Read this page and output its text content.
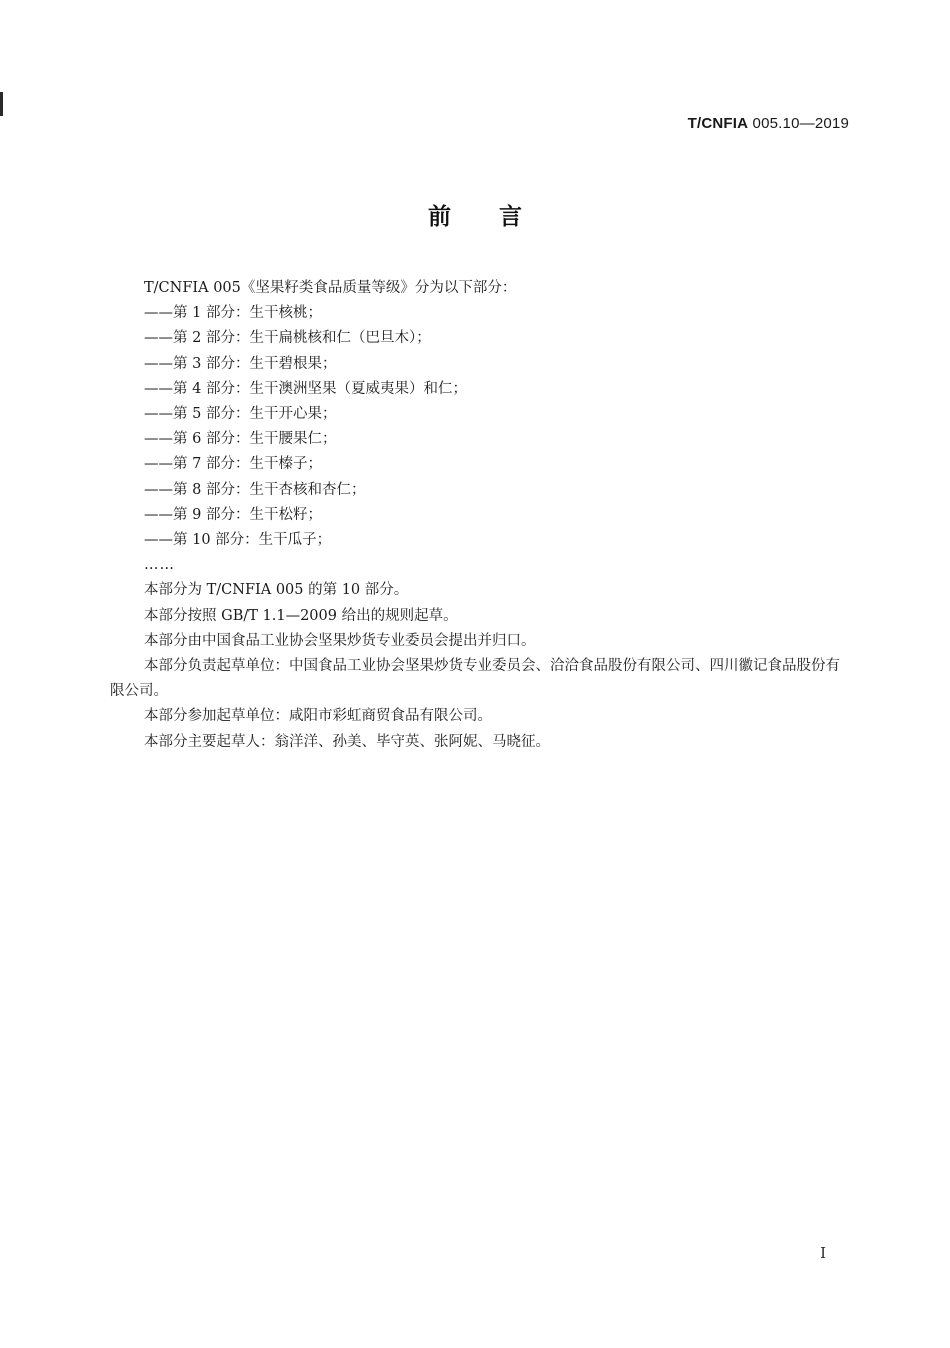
T/CNFIA 005.10—2019
前言

T/CNFIA 005《坚果籽类食品质量等级》分为以下部分：

——第 1 部分：生干核桃；
——第 2 部分：生干扁桃核和仁（巴旦木）；
——第 3 部分：生干碧根果；
——第 4 部分：生干澳洲坚果（夏威夷果）和仁；
——第 5 部分：生干开心果；
——第 6 部分：生干腰果仁；
——第 7 部分：生干榛子；
——第 8 部分：生干杏核和杏仁；
——第 9 部分：生干松籽；
——第 10 部分：生干瓜子；
……

本部分为 T/CNFIA 005 的第 10 部分。

本部分按照 GB/T 1.1—2009 给出的规则起草。

本部分由中国食品工业协会坚果炒货专业委员会提出并归口。

本部分负责起草单位：中国食品工业协会坚果炒货专业委员会、洽洽食品股份有限公司、四川徽记食品股份有限公司。

本部分参加起草单位：咸阳市彩虹商贸食品有限公司。

本部分主要起草人：翁洋洋、孙美、毕守英、张阿妮、马晓征。

I
